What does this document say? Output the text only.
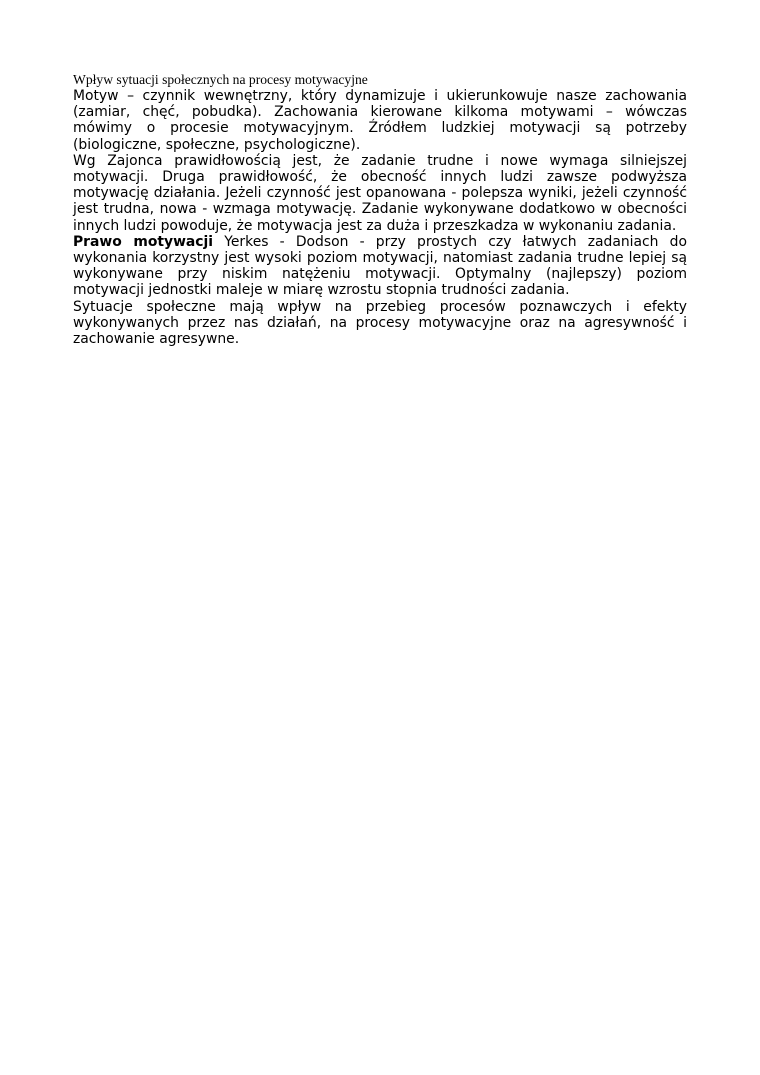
Wpływ sytuacji społecznych na procesy motywacyjne

Motyw – czynnik wewnętrzny, który dynamizuje i ukierunkowuje nasze zachowania (zamiar, chęć, pobudka). Zachowania kierowane kilkoma motywami – wówczas mówimy o procesie motywacyjnym. Źródłem ludzkiej motywacji są potrzeby (biologiczne, społeczne, psychologiczne).

Wg Zajonca prawidłowością jest, że zadanie trudne i nowe wymaga silniejszej motywacji. Druga prawidłowość, że obecność innych ludzi zawsze podwyższa motywację działania. Jeżeli czynność jest opanowana - polepsza wyniki, jeżeli czynność jest trudna, nowa - wzmaga motywację. Zadanie wykonywane dodatkowo w obecności innych ludzi powoduje, że motywacja jest za duża i przeszkadza w wykonaniu zadania.

Prawo motywacji Yerkes - Dodson - przy prostych czy łatwych zadaniach do wykonania korzystny jest wysoki poziom motywacji, natomiast zadania trudne lepiej są wykonywane przy niskim natężeniu motywacji. Optymalny (najlepszy) poziom motywacji jednostki maleje w miarę wzrostu stopnia trudności zadania.

Sytuacje społeczne mają wpływ na przebieg procesów poznawczych i efekty wykonywanych przez nas działań, na procesy motywacyjne oraz na agresywność i zachowanie agresywne.
